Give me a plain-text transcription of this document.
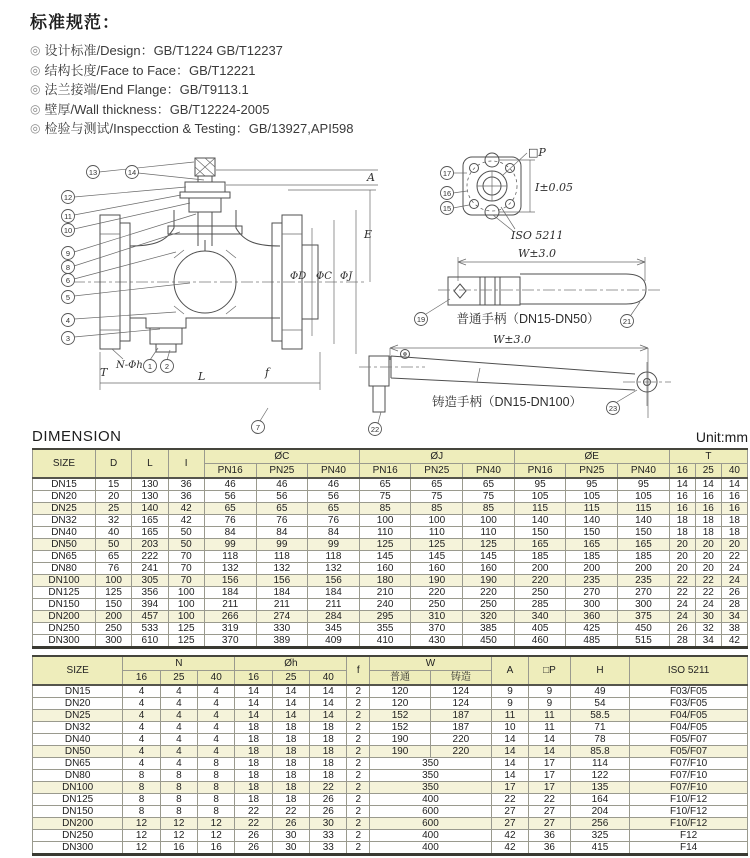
标准规范：
◎ 设计标准/Design：GB/T1224 GB/T12237
◎ 结构长度/Face to Face：GB/T12221
◎ 法兰接端/End Flange：GB/T9113.1
◎ 壁厚/Wall thickness：GB/T12224-2005
◎ 检验与测试/Inspecction & Testing：GB/13927,API598
A
E
ΦD ΦC ΦJ
L
T	f
N-Φh
13	14
12
11
10
9
8
6
5
4
3
1 2
7
□P
I±0.05
ISO 5211
17
16
15
W±3.0
普通手柄（DN15-DN50）
19	21
W±3.0
铸造手柄（DN15-DN100）
22
23
DIMENSION	Unit:mm
SIZE	D	L	I	ØC			ØJ			ØE			T		
				PN16	PN25	PN40	PN16	PN25	PN40	PN16	PN25	PN40	16	25	40
DN15	15	130	36	46	46	46	65	65	65	95	95	95	14	14	14
DN20	20	130	36	56	56	56	75	75	75	105	105	105	16	16	16
DN25	25	140	42	65	65	65	85	85	85	115	115	115	16	16	16
DN32	32	165	42	76	76	76	100	100	100	140	140	140	18	18	18
DN40	40	165	50	84	84	84	110	110	110	150	150	150	18	18	18
DN50	50	203	50	99	99	99	125	125	125	165	165	165	20	20	20
DN65	65	222	70	118	118	118	145	145	145	185	185	185	20	20	22
DN80	76	241	70	132	132	132	160	160	160	200	200	200	20	20	24
DN100	100	305	70	156	156	156	180	190	190	220	235	235	22	22	24
DN125	125	356	100	184	184	184	210	220	220	250	270	270	22	22	26
DN150	150	394	100	211	211	211	240	250	250	285	300	300	24	24	28
DN200	200	457	100	266	274	284	295	310	320	340	360	375	24	30	34
DN250	250	533	125	319	330	345	355	370	385	405	425	450	26	32	38
DN300	300	610	125	370	389	409	410	430	450	460	485	515	28	34	42
SIZE	N			Øh			f	W		A	□P	H	ISO 5211
	16	25	40	16	25	40		普通	铸造				
DN15	4	4	4	14	14	14	2	120	124	9	9	49	F03/F05
DN20	4	4	4	14	14	14	2	120	124	9	9	54	F03/F05
DN25	4	4	4	14	14	14	2	152	187	11	11	58.5	F04/F05
DN32	4	4	4	18	18	18	2	152	187	10	11	71	F04/F05
DN40	4	4	4	18	18	18	2	190	220	14	14	78	F05/F07
DN50	4	4	4	18	18	18	2	190	220	14	14	85.8	F05/F07
DN65	4	4	8	18	18	18	2	350		14	17	114	F07/F10
DN80	8	8	8	18	18	18	2	350		14	17	122	F07/F10
DN100	8	8	8	18	18	22	2	350		17	17	135	F07/F10
DN125	8	8	8	18	18	26	2	400		22	22	164	F10/F12
DN150	8	8	8	22	22	26	2	600		27	27	204	F10/F12
DN200	12	12	12	22	26	30	2	600		27	27	256	F10/F12
DN250	12	12	12	26	30	33	2	400		42	36	325	F12
DN300	12	16	16	26	30	33	2	400		42	36	415	F14
